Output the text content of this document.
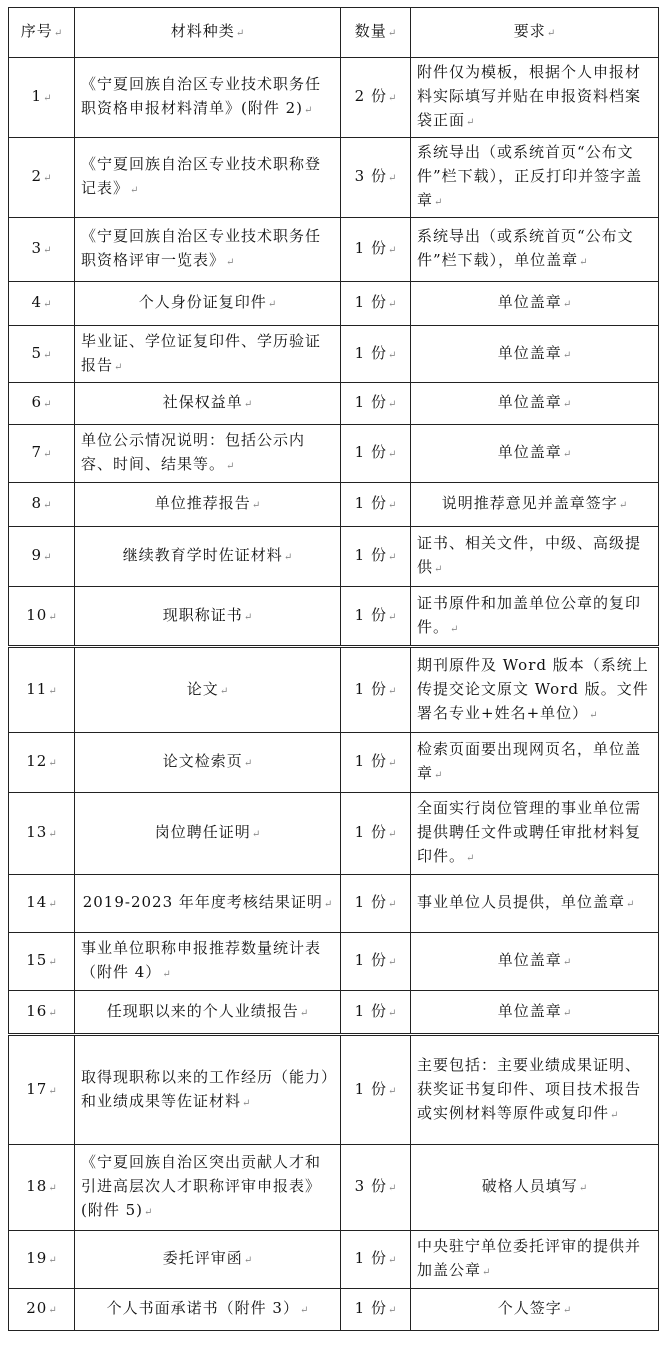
序号↵	材料种类↵	数量↵	要求↵
1↵	《宁夏回族自治区专业技术职务任职资格申报材料清单》(附件 2)↵	2 份↵	附件仅为模板，根据个人申报材料实际填写并贴在申报资料档案袋正面↵
2↵	《宁夏回族自治区专业技术职称登记表》↵	3 份↵	系统导出（或系统首页“公布文件”栏下载），正反打印并签字盖章↵
3↵	《宁夏回族自治区专业技术职务任职资格评审一览表》↵	1 份↵	系统导出（或系统首页“公布文件”栏下载），单位盖章↵
4↵	个人身份证复印件↵	1 份↵	单位盖章↵
5↵	毕业证、学位证复印件、学历验证报告↵	1 份↵	单位盖章↵
6↵	社保权益单↵	1 份↵	单位盖章↵
7↵	单位公示情况说明：包括公示内容、时间、结果等。↵	1 份↵	单位盖章↵
8↵	单位推荐报告↵	1 份↵	说明推荐意见并盖章签字↵
9↵	继续教育学时佐证材料↵	1 份↵	证书、相关文件，中级、高级提供↵
10↵	现职称证书↵	1 份↵	证书原件和加盖单位公章的复印件。↵
11↵	论文↵	1 份↵	期刊原件及 Word 版本（系统上传提交论文原文 Word 版。文件署名专业+姓名+单位）↵
12↵	论文检索页↵	1 份↵	检索页面要出现网页名，单位盖章↵
13↵	岗位聘任证明↵	1 份↵	全面实行岗位管理的事业单位需提供聘任文件或聘任审批材料复印件。↵
14↵	2019-2023 年年度考核结果证明↵	1 份↵	事业单位人员提供，单位盖章↵
15↵	事业单位职称申报推荐数量统计表（附件 4）↵	1 份↵	单位盖章↵
16↵	任现职以来的个人业绩报告↵	1 份↵	单位盖章↵
17↵	取得现职称以来的工作经历（能力）和业绩成果等佐证材料↵	1 份↵	主要包括：主要业绩成果证明、获奖证书复印件、项目技术报告或实例材料等原件或复印件↵
18↵	《宁夏回族自治区突出贡献人才和引进高层次人才职称评审申报表》(附件 5)↵	3 份↵	破格人员填写↵
19↵	委托评审函↵	1 份↵	中央驻宁单位委托评审的提供并加盖公章↵
20↵	个人书面承诺书（附件 3）↵	1 份↵	个人签字↵
